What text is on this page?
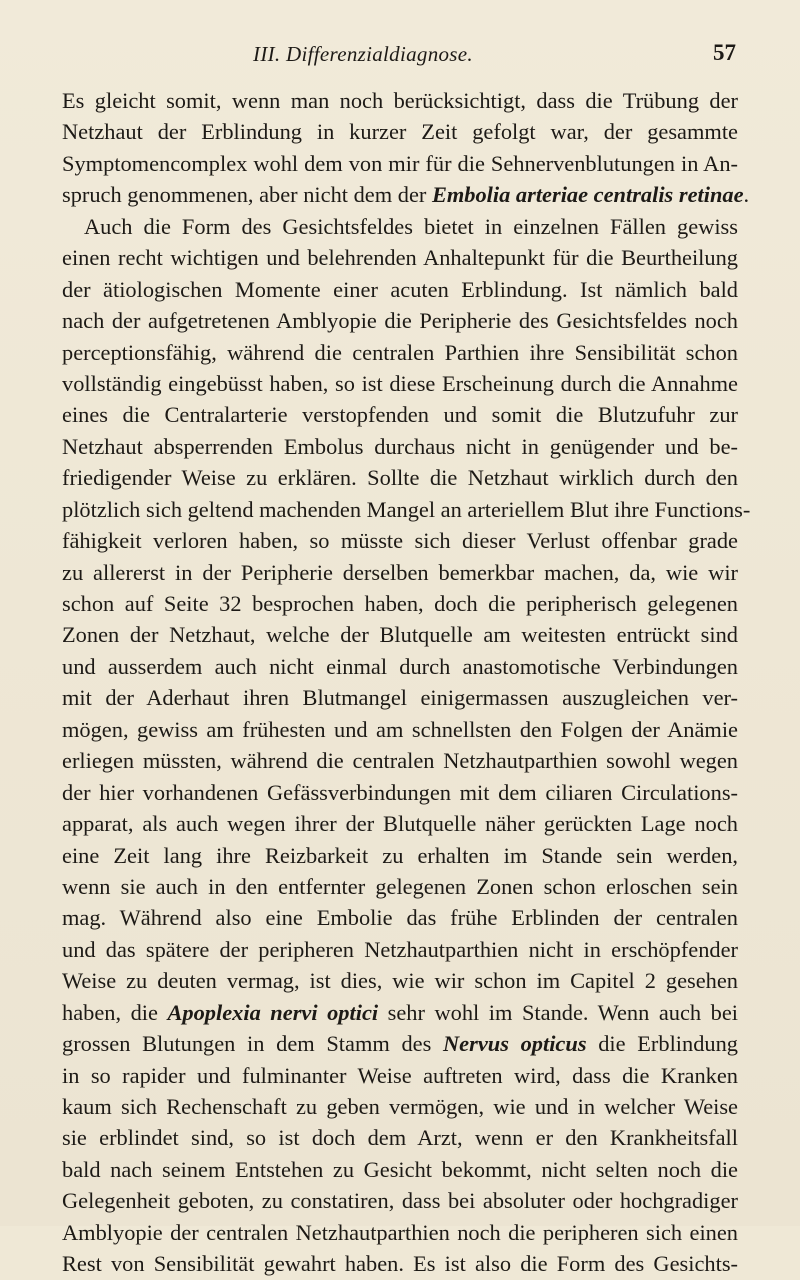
III. Differenzialdiagnose.	57
Es gleicht somit, wenn man noch berücksichtigt, dass die Trübung der
Netzhaut der Erblindung in kurzer Zeit gefolgt war, der gesammte
Symptomencomplex wohl dem von mir für die Sehnervenblutungen in An-
spruch genommenen, aber nicht dem der Embolia arteriae centralis retinae.
Auch die Form des Gesichtsfeldes bietet in einzelnen Fällen gewiss
einen recht wichtigen und belehrenden Anhaltepunkt für die Beurtheilung
der ätiologischen Momente einer acuten Erblindung. Ist nämlich bald
nach der aufgetretenen Amblyopie die Peripherie des Gesichtsfeldes noch
perceptionsfähig, während die centralen Parthien ihre Sensibilität schon
vollständig eingebüsst haben, so ist diese Erscheinung durch die Annahme
eines die Centralarterie verstopfenden und somit die Blutzufuhr zur
Netzhaut absperrenden Embolus durchaus nicht in genügender und be-
friedigender Weise zu erklären. Sollte die Netzhaut wirklich durch den
plötzlich sich geltend machenden Mangel an arteriellem Blut ihre Functions-
fähigkeit verloren haben, so müsste sich dieser Verlust offenbar grade
zu allererst in der Peripherie derselben bemerkbar machen, da, wie wir
schon auf Seite 32 besprochen haben, doch die peripherisch gelegenen
Zonen der Netzhaut, welche der Blutquelle am weitesten entrückt sind
und ausserdem auch nicht einmal durch anastomotische Verbindungen
mit der Aderhaut ihren Blutmangel einigermassen auszugleichen ver-
mögen, gewiss am frühesten und am schnellsten den Folgen der Anämie
erliegen müssten, während die centralen Netzhautparthien sowohl wegen
der hier vorhandenen Gefässverbindungen mit dem ciliaren Circulations-
apparat, als auch wegen ihrer der Blutquelle näher gerückten Lage noch
eine Zeit lang ihre Reizbarkeit zu erhalten im Stande sein werden,
wenn sie auch in den entfernter gelegenen Zonen schon erloschen sein
mag. Während also eine Embolie das frühe Erblinden der centralen
und das spätere der peripheren Netzhautparthien nicht in erschöpfender
Weise zu deuten vermag, ist dies, wie wir schon im Capitel 2 gesehen
haben, die Apoplexia nervi optici sehr wohl im Stande. Wenn auch bei
grossen Blutungen in dem Stamm des Nervus opticus die Erblindung
in so rapider und fulminanter Weise auftreten wird, dass die Kranken
kaum sich Rechenschaft zu geben vermögen, wie und in welcher Weise
sie erblindet sind, so ist doch dem Arzt, wenn er den Krankheitsfall
bald nach seinem Entstehen zu Gesicht bekommt, nicht selten noch die
Gelegenheit geboten, zu constatiren, dass bei absoluter oder hochgradiger
Amblyopie der centralen Netzhautparthien noch die peripheren sich einen
Rest von Sensibilität gewahrt haben. Es ist also die Form des Gesichts-
